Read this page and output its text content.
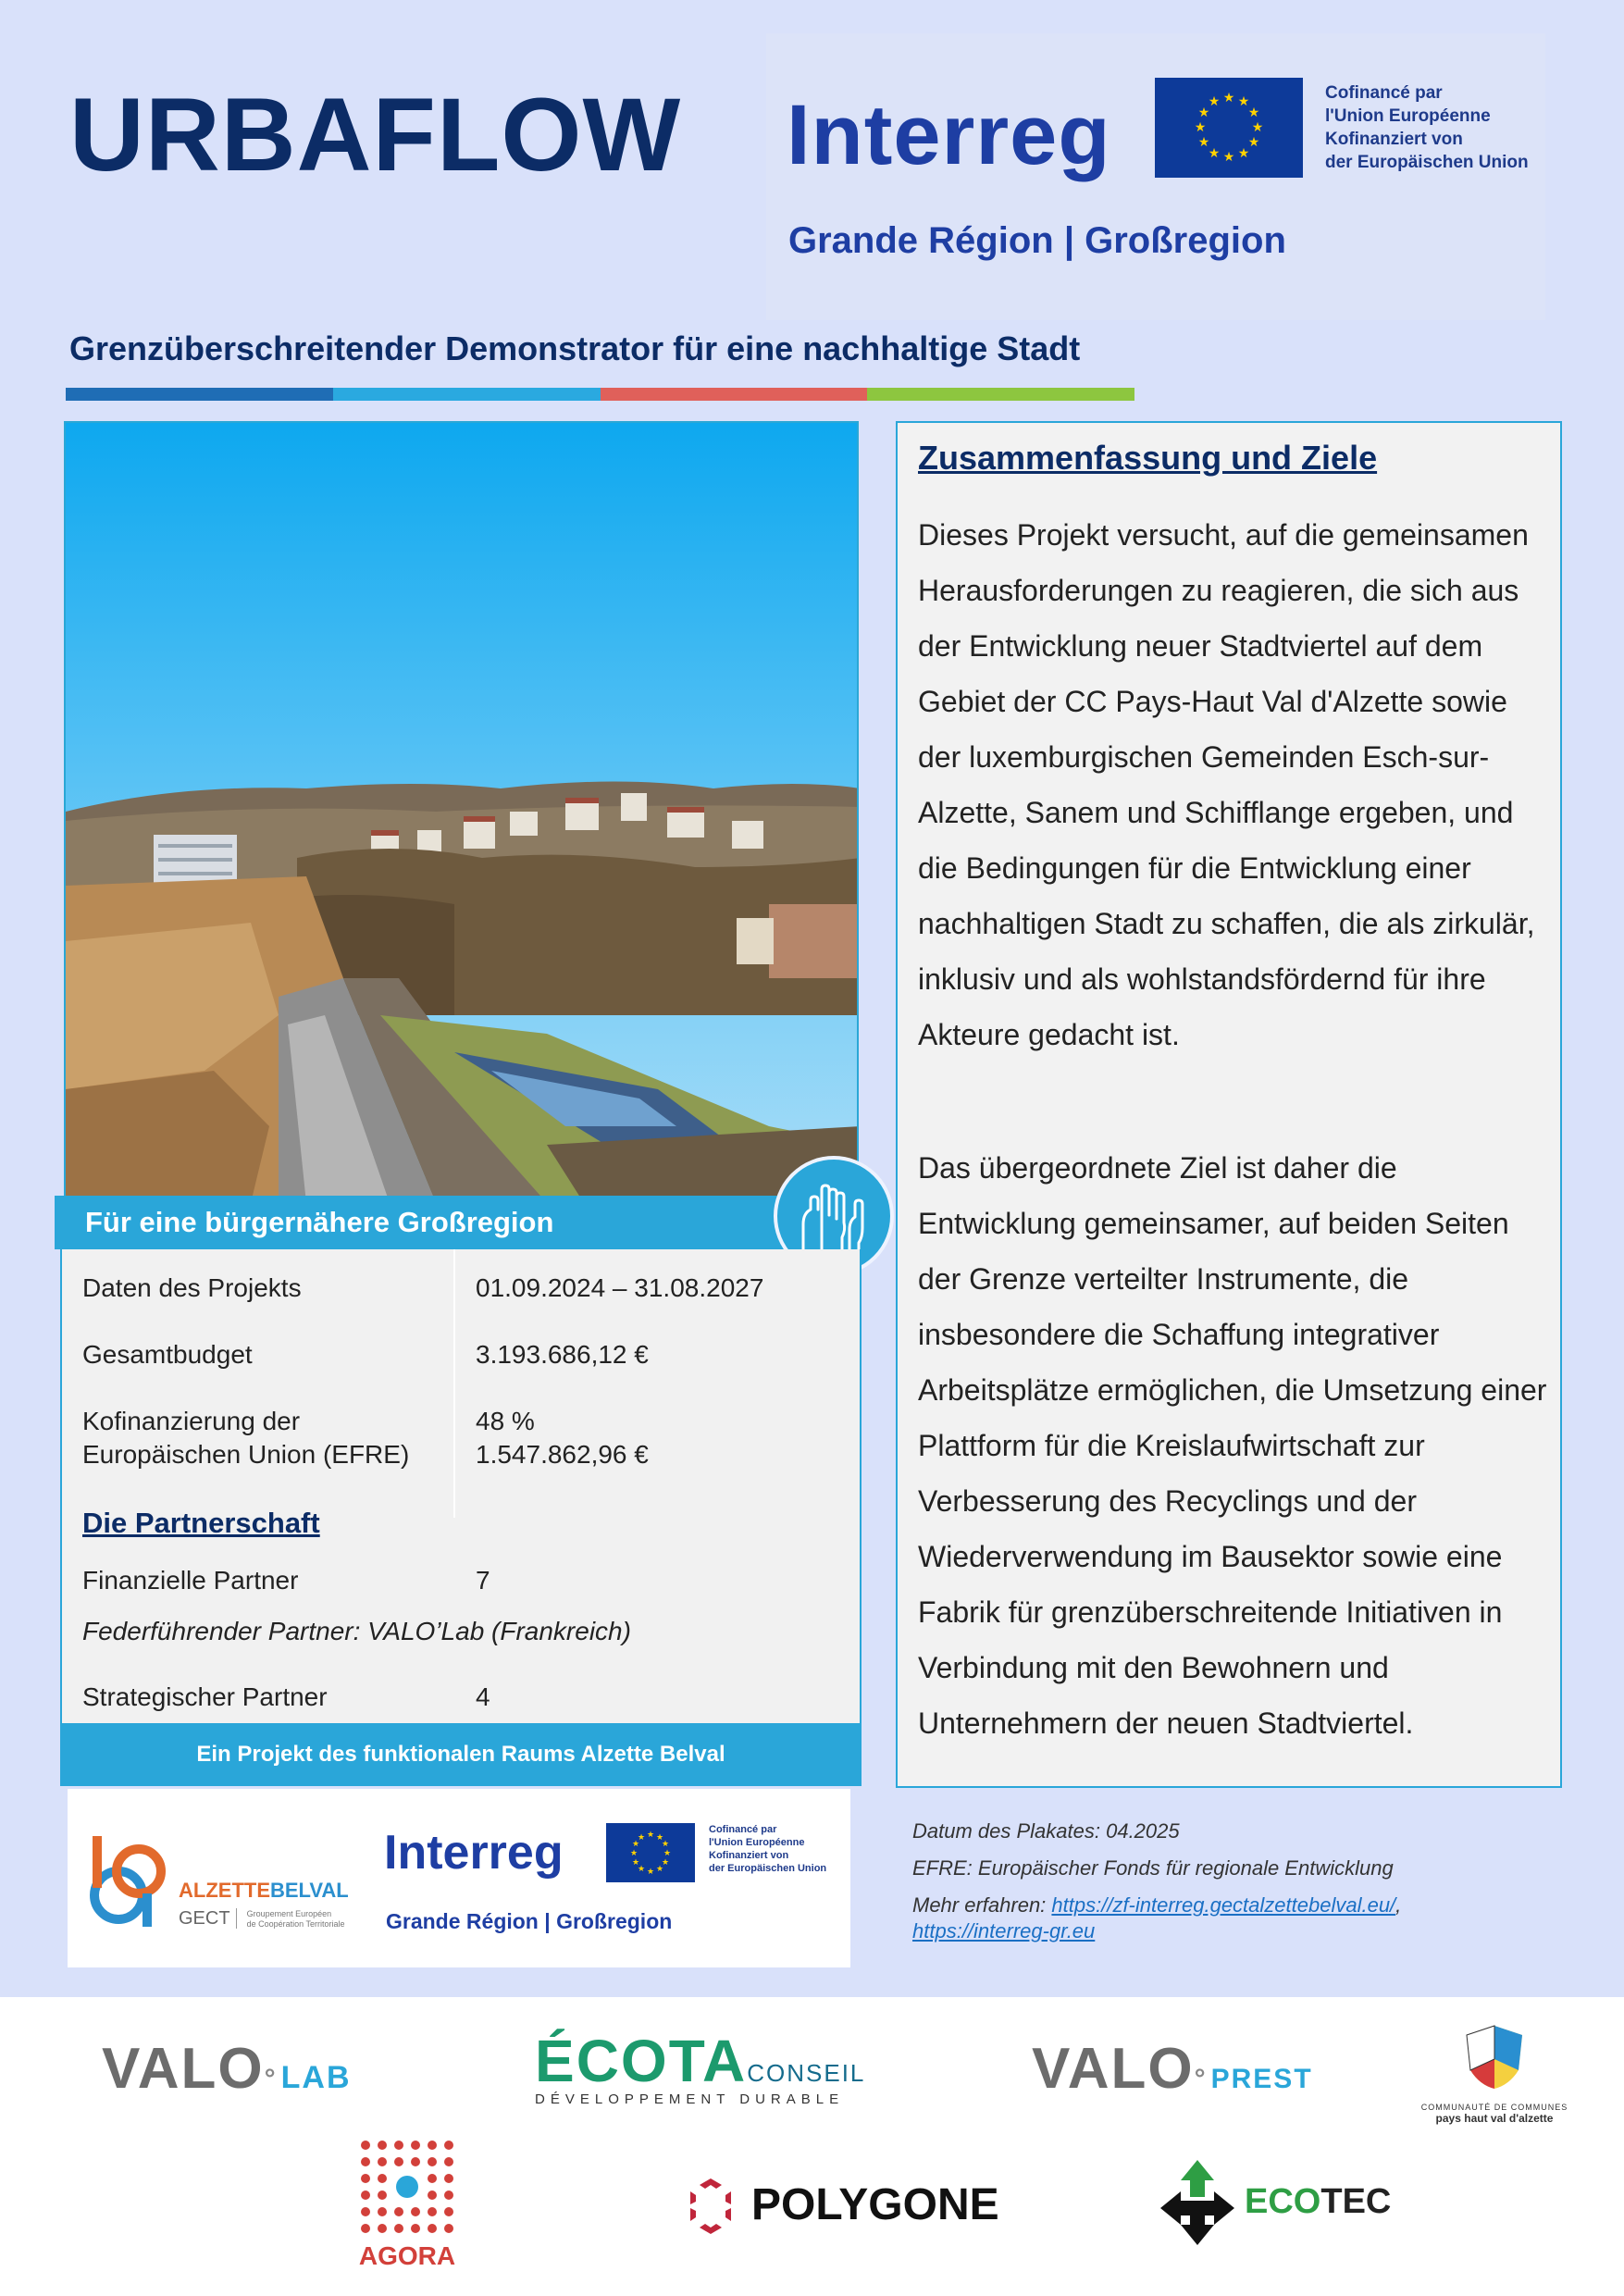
URBAFLOW Interreg	★ ★
★
★
★
★
★
★
★
★
★
★	Cofinancé par
l'Union Européenne
Kofinanziert von
der Europäischen Union
Grande Région | Großregion
Grenzüberschreitender Demonstrator für eine nachhaltige Stadt
Für eine bürgernähere Großregion
Daten des Projekts	01.09.2024 – 31.08.2027
Gesamtbudget	3.193.686,12 €
Kofinanzierung der
Europäischen Union (EFRE)
48 %
1.547.862,96 €
Die Partnerschaft
Finanzielle Partner	7
Federführender Partner: VALO’Lab (Frankreich)
Strategischer Partner	4
Ein Projekt des funktionalen Raums Alzette Belval
ALZETTEBELVAL
GECT Groupement Européen
de Coopération Territoriale
Interreg	★ ★
★
★
★
★
★
★
★
★
★
★
Cofinancé par
l'Union Européenne
Kofinanziert von
der Europäischen Union
Grande Région | Großregion
Zusammenfassung und Ziele

Dieses Projekt versucht, auf die gemeinsamen Herausforderungen zu reagieren, die sich aus der Entwicklung neuer Stadtviertel auf dem Gebiet der CC Pays-Haut Val d'Alzette sowie der luxemburgischen Gemeinden Esch-sur-Alzette, Sanem und Schifflange ergeben, und die Bedingungen für die Entwicklung einer nachhaltigen Stadt zu schaffen, die als zirkulär, inklusiv und als wohlstandsfördernd für ihre Akteure gedacht ist.

Das übergeordnete Ziel ist daher die Entwicklung gemeinsamer, auf beiden Seiten der Grenze verteilter Instrumente, die insbesondere die Schaffung integrativer Arbeitsplätze ermöglichen, die Umsetzung einer Plattform für die Kreislaufwirtschaft zur Verbesserung des Recyclings und der Wiederverwendung im Bausektor sowie eine Fabrik für grenzüberschreitende Initiativen in Verbindung mit den Bewohnern und Unternehmern der neuen Stadtviertel.

Datum des Plakates: 04.2025
EFRE: Europäischer Fonds für regionale Entwicklung
Mehr erfahren: https://zf-interreg.gectalzettebelval.eu/,
https://interreg-gr.eu
VALO° LAB	ÉCOTACONSEIL
DÉVELOPPEMENT DURABLE	VALO° PREST
COMMUNAUTÉ DE COMMUNES
pays haut val d'alzette
AGORA
POLYGONE	ECOTEC
